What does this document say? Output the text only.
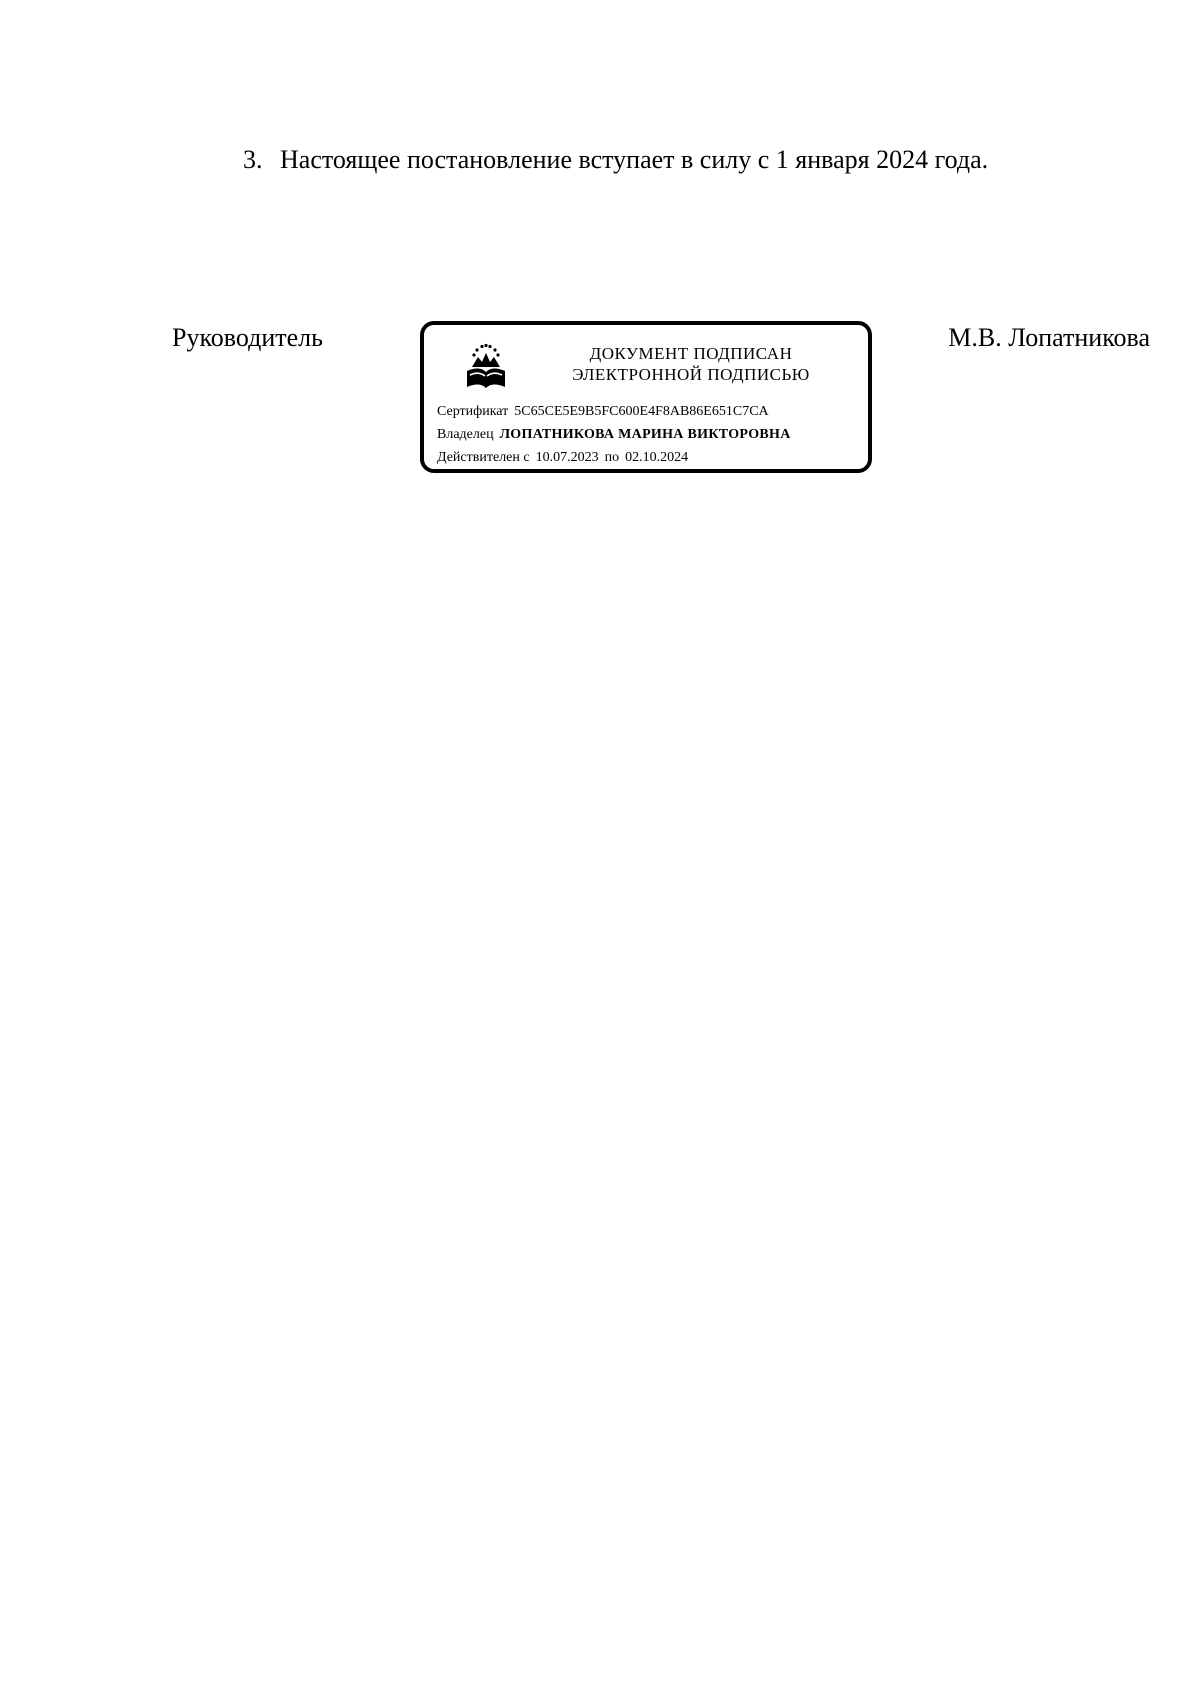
3. Настоящее постановление вступает в силу с 1 января 2024 года.
Руководитель
ДОКУМЕНТ ПОДПИСАН
ЭЛЕКТРОННОЙ ПОДПИСЬЮ
Сертификат 5C65CE5E9B5FC600E4F8AB86E651C7CA
Владелец ЛОПАТНИКОВА МАРИНА ВИКТОРОВНА
Действителен с 10.07.2023 по 02.10.2024
М.В. Лопатникова
